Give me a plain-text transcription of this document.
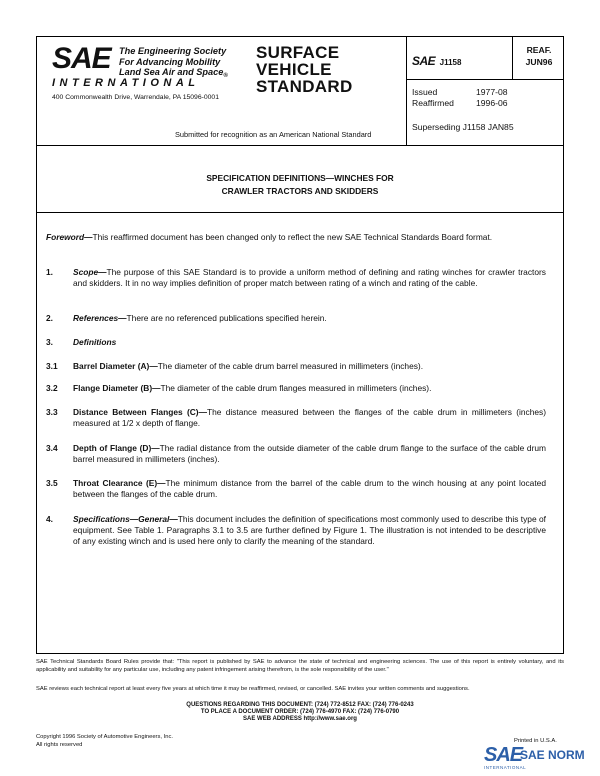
SAE The Engineering Society
For Advancing Mobility
Land Sea Air and Space$_®$
INTERNATIONAL
400 Commonwealth Drive, Warrendale, PA 15096-0001
SURFACE
VEHICLE
STANDARD
Submitted for recognition as an American National Standard
SAE J1158
REAF.
JUN96
Issued	1977-08
Reaffirmed	1996-06
Superseding J1158 JAN85
SPECIFICATION DEFINITIONS—WINCHES FOR
CRAWLER TRACTORS AND SKIDDERS
Foreword—This reaffirmed document has been changed only to reflect the new SAE Technical Standards Board format.
1. Scope—The purpose of this SAE Standard is to provide a uniform method of defining and rating winches for crawler tractors and skidders. It in no way implies definition of proper match between rating of a winch and rating of the cable.
2. References—There are no referenced publications specified herein.
3. Definitions
3.1 Barrel Diameter (A)—The diameter of the cable drum barrel measured in millimeters (inches).
3.2 Flange Diameter (B)—The diameter of the cable drum flanges measured in millimeters (inches).
3.3 Distance Between Flanges (C)—The distance measured between the flanges of the cable drum in millimeters (inches) measured at 1/2 x depth of flange.
3.4 Depth of Flange (D)—The radial distance from the outside diameter of the cable drum flange to the surface of the cable drum barrel measured in millimeters (inches).
3.5 Throat Clearance (E)—The minimum distance from the barrel of the cable drum to the winch housing at any point located between the flanges of the cable drum.
4. Specifications—General—This document includes the definition of specifications most commonly used to describe this type of equipment. See Table 1. Paragraphs 3.1 to 3.5 are further defined by Figure 1. The illustration is not intended to be descriptive of any existing winch and is used here only to clarify the meaning of the standard.
SAE Technical Standards Board Rules provide that: "This report is published by SAE to advance the state of technical and engineering sciences. The use of this report is entirely voluntary, and its applicability and suitability for any particular use, including any patent infringement arising therefrom, is the sole responsibility of the user."
SAE reviews each technical report at least every five years at which time it may be reaffirmed, revised, or cancelled. SAE invites your written comments and suggestions.
QUESTIONS REGARDING THIS DOCUMENT: (724) 772-8512 FAX: (724) 776-0243
TO PLACE A DOCUMENT ORDER: (724) 776-4970 FAX: (724) 776-0790
SAE WEB ADDRESS http://www.sae.org
Copyright 1996 Society of Automotive Engineers, Inc.
All rights reserved
Printed in U.S.A.
SAE
SAE NORM
INTERNATIONAL
